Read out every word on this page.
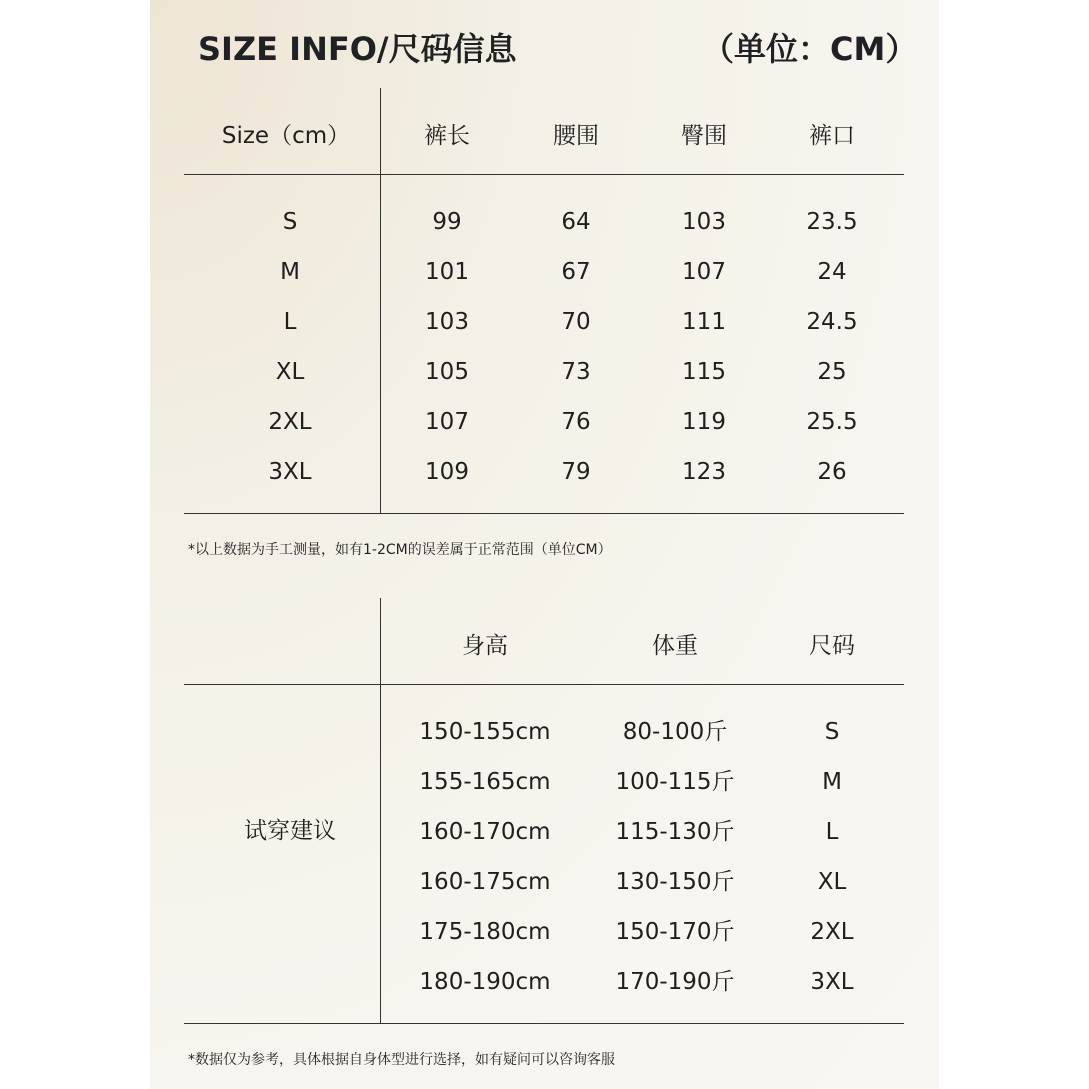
SIZE INFO/尺码信息	（单位：CM）
Size（cm）	裤长	腰围	臀围	裤口
S	99	64	103	23.5
M	101	67	107	24
L	103	70	111	24.5
XL	105	73	115	25
2XL	107	76	119	25.5
3XL	109	79	123	26
*以上数据为手工测量，如有1-2CM的误差属于正常范围（单位CM）
身高	体重	尺码
试穿建议
150-155cm	80-100斤	S
155-165cm	100-115斤	M
160-170cm	115-130斤	L
160-175cm	130-150斤	XL
175-180cm	150-170斤	2XL
180-190cm	170-190斤	3XL
*数据仅为参考，具体根据自身体型进行选择，如有疑问可以咨询客服
